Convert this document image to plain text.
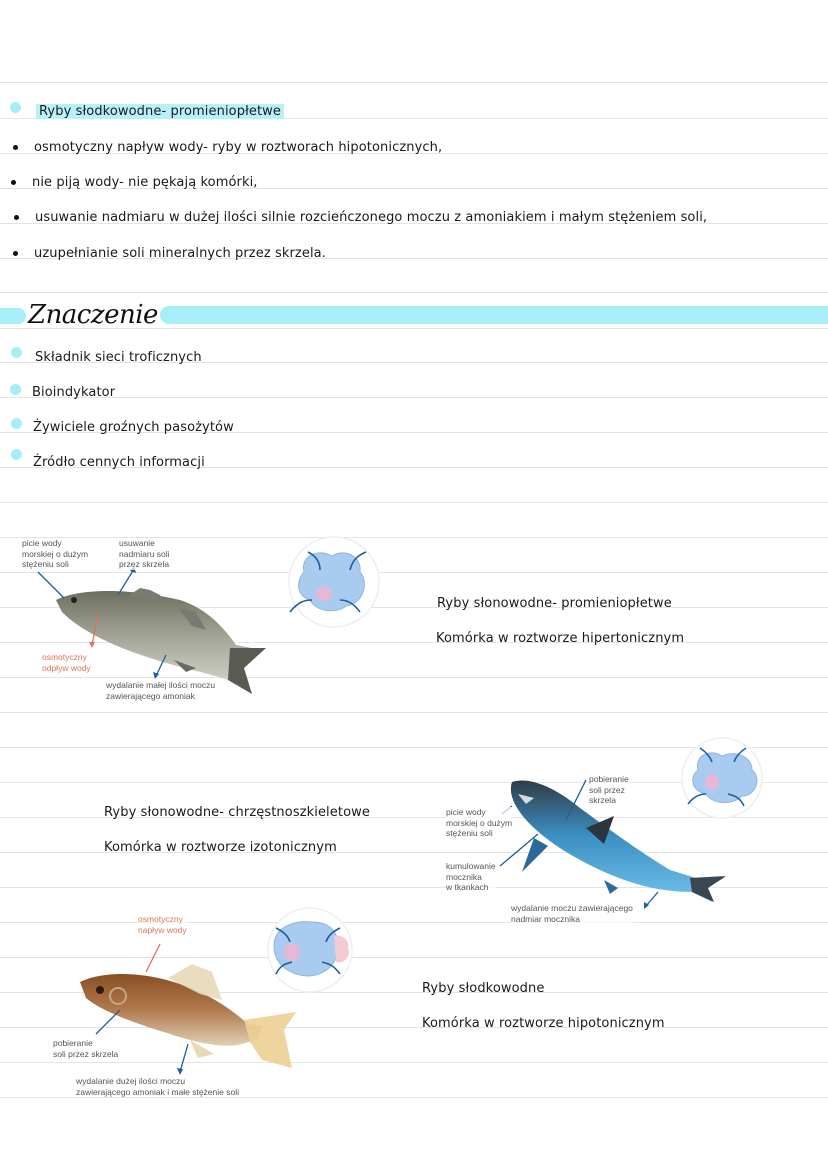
Ryby słodkowodne- promieniopłetwe
osmotyczny napływ wody- ryby w roztworach hipotonicznych,
nie piją wody- nie pękają komórki,
usuwanie nadmiaru w dużej ilości silnie rozcieńczonego moczu z amoniakiem i małym stężeniem soli,
uzupełnianie soli mineralnych przez skrzela.
Znaczenie
Składnik sieci troficznych
Bioindykator
Żywiciele groźnych pasożytów
Źródło cennych informacji
picie wody
morskiej o dużym
stężeniu soli
usuwanie
nadmiaru soli
przez skrzela
osmotyczny
odpływ wody
wydalanie małej ilości moczu
zawierającego amoniak
Ryby słonowodne- promieniopłetwe
Komórka w roztworze hipertonicznym
pobieranie
soli przez
skrzela
picie wody
morskiej o dużym
stężeniu soli
kumulowanie
mocznika
w tkankach
wydalanie moczu zawierającego
nadmiar mocznika
Ryby słonowodne- chrzęstnoszkieletowe
Komórka w roztworze izotonicznym
osmotyczny
napływ wody
pobieranie
soli przez skrzela
wydalanie dużej ilości moczu
zawierającego amoniak i małe stężenie soli
Ryby słodkowodne
Komórka w roztworze hipotonicznym
